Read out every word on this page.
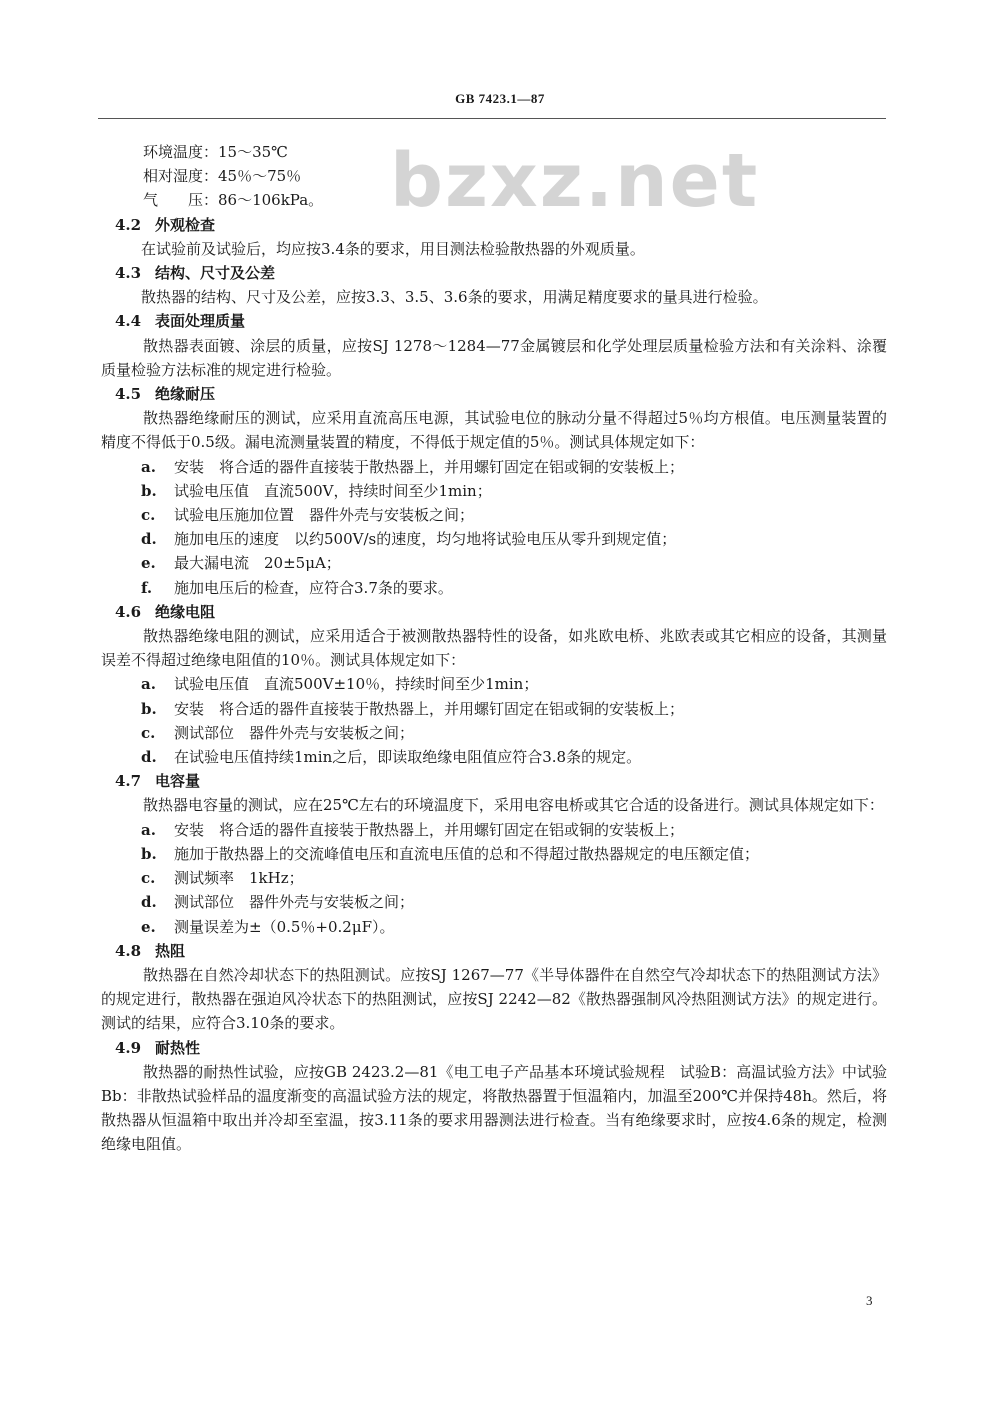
GB 7423.1—87
bzxz.net
环境温度：15～35℃
相对湿度：45％～75％
气　　压：86～106kPa。
4.2 外观检查
在试验前及试验后，均应按3.4条的要求，用目测法检验散热器的外观质量。
4.3 结构、尺寸及公差
散热器的结构、尺寸及公差，应按3.3、3.5、3.6条的要求，用满足精度要求的量具进行检验。
4.4 表面处理质量
散热器表面镀、涂层的质量，应按SJ 1278～1284—77金属镀层和化学处理层质量检验方法和有关涂料、涂覆质量检验方法标准的规定进行检验。
4.5 绝缘耐压
散热器绝缘耐压的测试，应采用直流高压电源，其试验电位的脉动分量不得超过5％均方根值。电压测量装置的精度不得低于0.5级。漏电流测量装置的精度，不得低于规定值的5％。测试具体规定如下：
a. 安装　将合适的器件直接装于散热器上，并用螺钉固定在铝或铜的安装板上；
b. 试验电压值　直流500V，持续时间至少1min；
c. 试验电压施加位置　器件外壳与安装板之间；
d. 施加电压的速度　以约500V/s的速度，均匀地将试验电压从零升到规定值；
e. 最大漏电流　20±5μA；
f. 施加电压后的检查，应符合3.7条的要求。
4.6 绝缘电阻
散热器绝缘电阻的测试，应采用适合于被测散热器特性的设备，如兆欧电桥、兆欧表或其它相应的设备，其测量误差不得超过绝缘电阻值的10％。测试具体规定如下：
a. 试验电压值　直流500V±10％，持续时间至少1min；
b. 安装　将合适的器件直接装于散热器上，并用螺钉固定在铝或铜的安装板上；
c. 测试部位　器件外壳与安装板之间；
d. 在试验电压值持续1min之后，即读取绝缘电阻值应符合3.8条的规定。
4.7 电容量
散热器电容量的测试，应在25℃左右的环境温度下，采用电容电桥或其它合适的设备进行。测试具体规定如下：
a. 安装　将合适的器件直接装于散热器上，并用螺钉固定在铝或铜的安装板上；
b. 施加于散热器上的交流峰值电压和直流电压值的总和不得超过散热器规定的电压额定值；
c. 测试频率　1kHz；
d. 测试部位　器件外壳与安装板之间；
e. 测量误差为±（0.5％+0.2μF）。
4.8 热阻
散热器在自然冷却状态下的热阻测试。应按SJ 1267—77《半导体器件在自然空气冷却状态下的热阻测试方法》的规定进行，散热器在强迫风冷状态下的热阻测试，应按SJ 2242—82《散热器强制风冷热阻测试方法》的规定进行。测试的结果，应符合3.10条的要求。
4.9 耐热性
散热器的耐热性试验，应按GB 2423.2—81《电工电子产品基本环境试验规程　试验B：高温试验方法》中试验Bb：非散热试验样品的温度渐变的高温试验方法的规定，将散热器置于恒温箱内，加温至200℃并保持48h。然后，将散热器从恒温箱中取出并冷却至室温，按3.11条的要求用器测法进行检查。当有绝缘要求时，应按4.6条的规定，检测绝缘电阻值。
3
